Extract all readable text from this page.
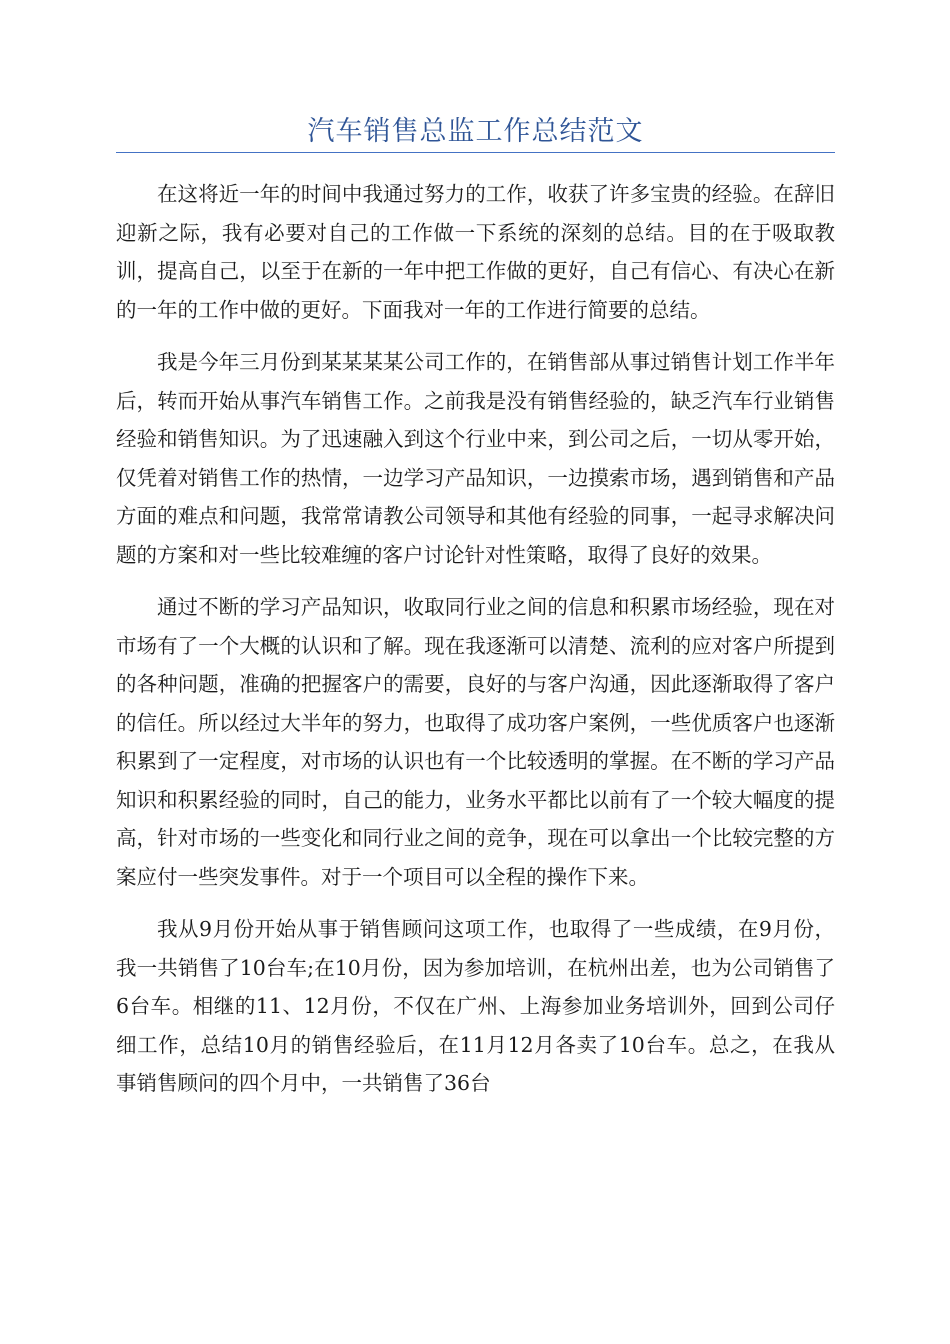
汽车销售总监工作总结范文

在这将近一年的时间中我通过努力的工作，收获了许多宝贵的经验。在辞旧迎新之际，我有必要对自己的工作做一下系统的深刻的总结。目的在于吸取教训，提高自己，以至于在新的一年中把工作做的更好，自己有信心、有决心在新的一年的工作中做的更好。下面我对一年的工作进行简要的总结。

我是今年三月份到某某某某公司工作的，在销售部从事过销售计划工作半年后，转而开始从事汽车销售工作。之前我是没有销售经验的，缺乏汽车行业销售经验和销售知识。为了迅速融入到这个行业中来，到公司之后，一切从零开始，仅凭着对销售工作的热情，一边学习产品知识，一边摸索市场，遇到销售和产品方面的难点和问题，我常常请教公司领导和其他有经验的同事，一起寻求解决问题的方案和对一些比较难缠的客户讨论针对性策略，取得了良好的效果。

通过不断的学习产品知识，收取同行业之间的信息和积累市场经验，现在对市场有了一个大概的认识和了解。现在我逐渐可以清楚、流利的应对客户所提到的各种问题，准确的把握客户的需要，良好的与客户沟通，因此逐渐取得了客户的信任。所以经过大半年的努力，也取得了成功客户案例，一些优质客户也逐渐积累到了一定程度，对市场的认识也有一个比较透明的掌握。在不断的学习产品知识和积累经验的同时，自己的能力，业务水平都比以前有了一个较大幅度的提高，针对市场的一些变化和同行业之间的竞争，现在可以拿出一个比较完整的方案应付一些突发事件。对于一个项目可以全程的操作下来。

我从9月份开始从事于销售顾问这项工作，也取得了一些成绩，在9月份，我一共销售了10台车;在10月份，因为参加培训，在杭州出差，也为公司销售了6台车。相继的11、12月份，不仅在广州、上海参加业务培训外，回到公司仔细工作，总结10月的销售经验后，在11月12月各卖了10台车。总之，在我从事销售顾问的四个月中，一共销售了36台
